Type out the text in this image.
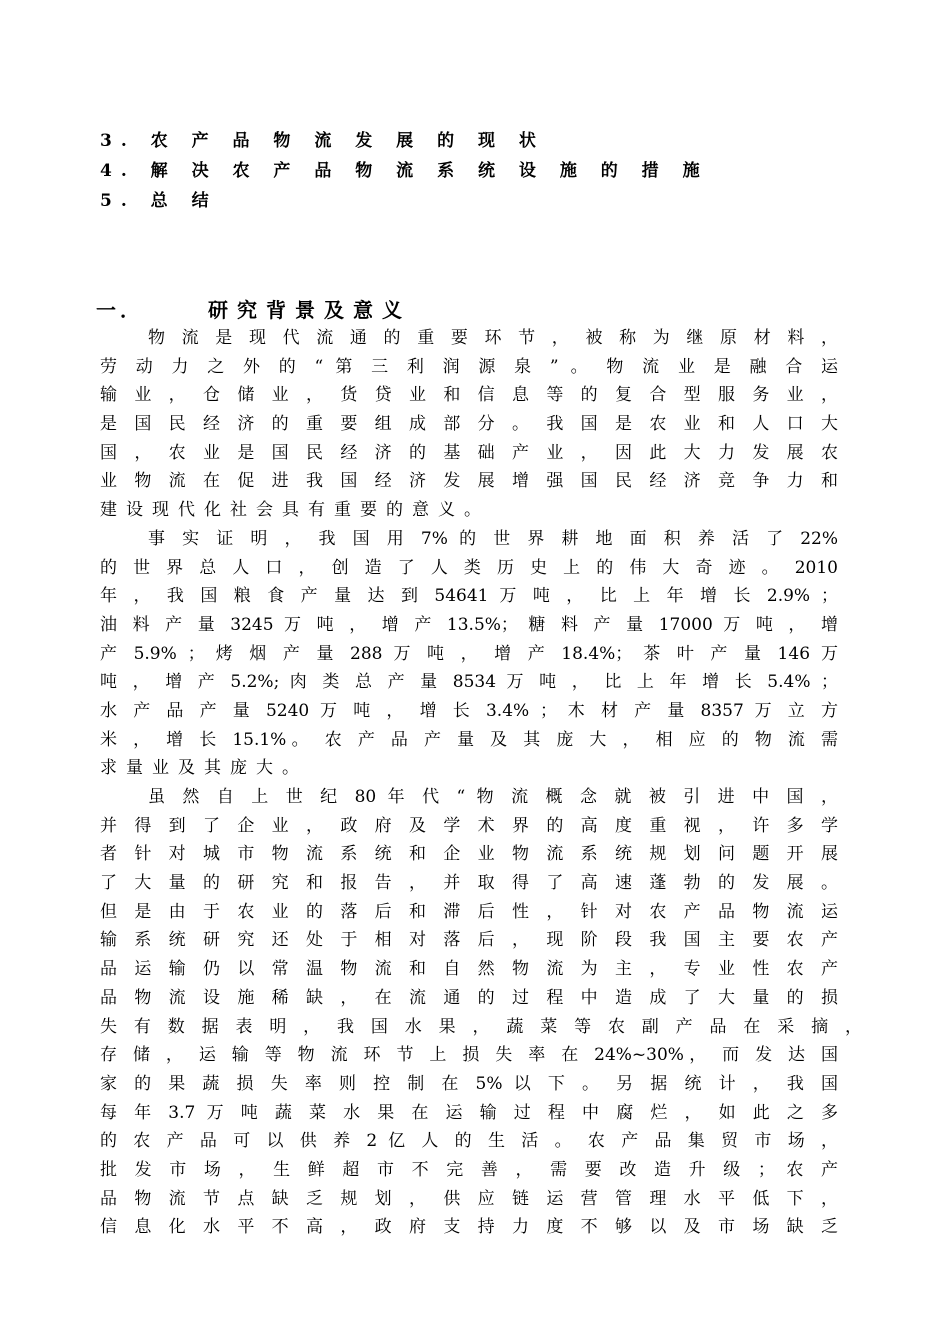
3. 农 产 品 物 流 发 展 的 现 状
4. 解 决 农 产 品 物 流 系 统 设 施 的 措 施
5. 总 结
一．	研究背景及意义
物 流 是 现 代 流 通 的 重 要 环 节 ， 被 称 为 继 原 材 料 ，
劳 动 力 之 外 的 “ 第 三 利 润 源 泉 ” 。 物 流 业 是 融 合 运
输 业 ， 仓 储 业 ， 货 贷 业 和 信 息 等 的 复 合 型 服 务 业 ，
是 国 民 经 济 的 重 要 组 成 部 分 。 我 国 是 农 业 和 人 口 大
国 ， 农 业 是 国 民 经 济 的 基 础 产 业 ， 因 此 大 力 发 展 农
业 物 流 在 促 进 我 国 经 济 发 展 增 强 国 民 经 济 竞 争 力 和
建设现代化社会具有重要的意义。
事 实 证 明 ， 我 国 用 7% 的 世 界 耕 地 面 积 养 活 了 22%
的 世 界 总 人 口 ， 创 造 了 人 类 历 史 上 的 伟 大 奇 迹 。 2010
年 ， 我 国 粮 食 产 量 达 到 54641 万 吨 ， 比 上 年 增 长 2.9% ；
油 料 产 量 3245 万 吨 ， 增 产 13.5%； 糖 料 产 量 17000 万 吨 ， 增
产 5.9% ； 烤 烟 产 量 288 万 吨 ， 增 产 18.4%； 茶 叶 产 量 146 万
吨 ， 增 产 5.2%; 肉 类 总 产 量 8534 万 吨 ， 比 上 年 增 长 5.4% ；
水 产 品 产 量 5240 万 吨 ， 增 长 3.4% ； 木 材 产 量 8357 万 立 方
米 ， 增 长 15.1%。 农 产 品 产 量 及 其 庞 大 ， 相 应 的 物 流 需
求量业及其庞大。
虽 然 自 上 世 纪 80 年 代 “ 物 流 概 念 就 被 引 进 中 国 ，
并 得 到 了 企 业 ， 政 府 及 学 术 界 的 高 度 重 视 ， 许 多 学
者 针 对 城 市 物 流 系 统 和 企 业 物 流 系 统 规 划 问 题 开 展
了 大 量 的 研 究 和 报 告 ， 并 取 得 了 高 速 蓬 勃 的 发 展 。
但 是 由 于 农 业 的 落 后 和 滞 后 性 ， 针 对 农 产 品 物 流 运
输 系 统 研 究 还 处 于 相 对 落 后 ， 现 阶 段 我 国 主 要 农 产
品 运 输 仍 以 常 温 物 流 和 自 然 物 流 为 主 ， 专 业 性 农 产
品 物 流 设 施 稀 缺 ， 在 流 通 的 过 程 中 造 成 了 大 量 的 损
失 有 数 据 表 明 ， 我 国 水 果 ， 蔬 菜 等 农 副 产 品 在 采 摘 ，
存 储 ， 运 输 等 物 流 环 节 上 损 失 率 在 24%~30%， 而 发 达 国
家 的 果 蔬 损 失 率 则 控 制 在 5% 以 下 。 另 据 统 计 ， 我 国
每 年 3.7 万 吨 蔬 菜 水 果 在 运 输 过 程 中 腐 烂 ， 如 此 之 多
的 农 产 品 可 以 供 养 2 亿 人 的 生 活 。 农 产 品 集 贸 市 场 ，
批 发 市 场 ， 生 鲜 超 市 不 完 善 ， 需 要 改 造 升 级 ； 农 产
品 物 流 节 点 缺 乏 规 划 ， 供 应 链 运 营 管 理 水 平 低 下 ，
信 息 化 水 平 不 高 ， 政 府 支 持 力 度 不 够 以 及 市 场 缺 乏
